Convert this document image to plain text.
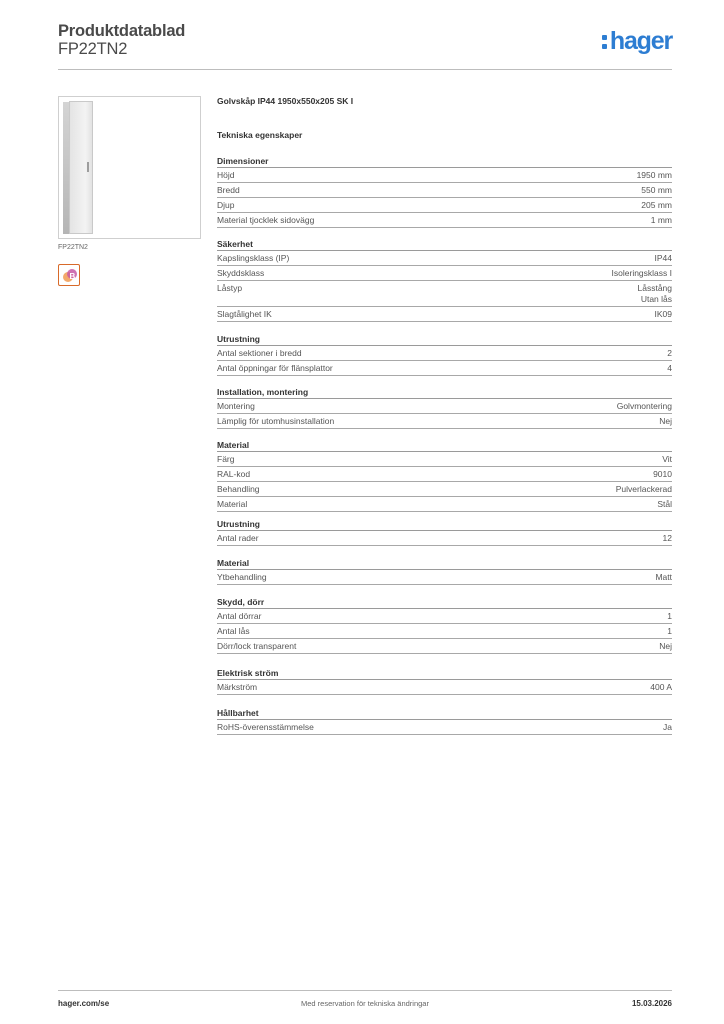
Produktdatablad
FP22TN2	hager
FP22TN2
B
Golvskåp IP44 1950x550x205 SK I
Tekniska egenskaper
Dimensioner
Höjd	1950 mm
Bredd	550 mm
Djup	205 mm
Material tjocklek sidovägg	1 mm
Säkerhet
Kapslingsklass (IP)	IP44
Skyddsklass	Isoleringsklass I
Låstyp	Låsstång
Utan lås
Slagtålighet IK	IK09
Utrustning
Antal sektioner i bredd	2
Antal öppningar för flänsplattor	4
Installation, montering
Montering	Golvmontering
Lämplig för utomhusinstallation	Nej
Material
Färg	Vit
RAL-kod	9010
Behandling	Pulverlackerad
Material	Stål
Utrustning
Antal rader	12
Material
Ytbehandling	Matt
Skydd, dörr
Antal dörrar	1
Antal lås	1
Dörr/lock transparent	Nej
Elektrisk ström
Märkström	400 A
Hållbarhet
RoHS-överensstämmelse	Ja
hager.com/se	Med reservation för tekniska ändringar	15.03.2026
